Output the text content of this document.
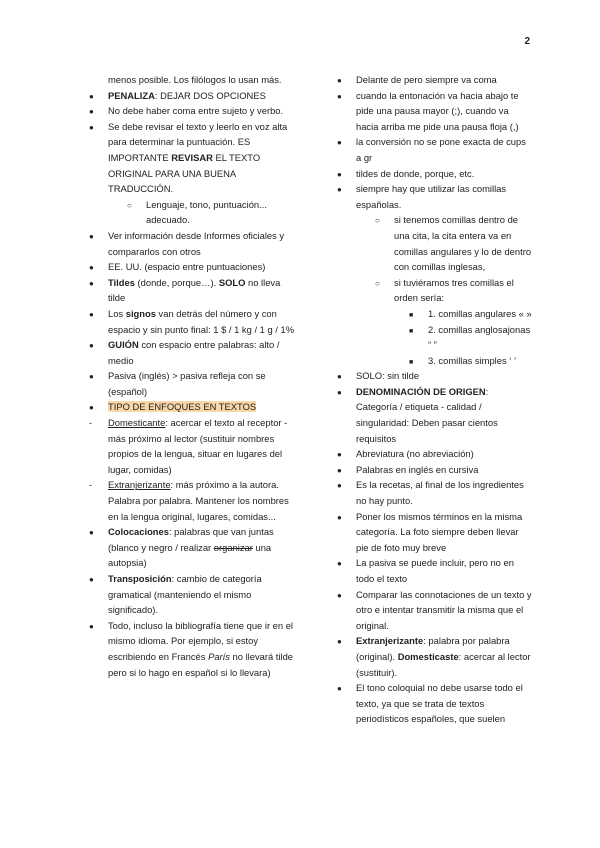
2
menos posible. Los filólogos lo usan más.
●
PENALIZA: DEJAR DOS OPCIONES
●
No debe haber coma entre sujeto y verbo.
●
Se debe revisar el texto y leerlo en voz alta para determinar la puntuación. ES IMPORTANTE REVISAR EL TEXTO ORIGINAL PARA UNA BUENA TRADUCCIÓN.
○
Lenguaje, tono, puntuación... adecuado.
●
Ver información desde Informes oficiales y compararlos con otros
●
EE. UU. (espacio entre puntuaciones)
●
Tildes (donde, porque…). SOLO no lleva tilde
●
Los signos van detrás del número y con espacio y sin punto final: 1 $ / 1 kg / 1 g / 1%
●
GUIÓN con espacio entre palabras: alto / medio
●
Pasiva (inglés) > pasiva refleja con se (español)
●
TIPO DE ENFOQUES EN TEXTOS
-
Domesticante: acercar el texto al receptor - más próximo al lector (sustituir nombres propios de la lengua, situar en lugares del lugar, comidas)
-
Extranjerizante: más próximo a la autora. Palabra por palabra. Mantener los nombres en la lengua original, lugares, comidas...
●
Colocaciones: palabras que van juntas (blanco y negro / realizar organizar una autopsia)
●
Transposición: cambio de categoría gramatical (manteniendo el mismo significado).
●
Todo, incluso la bibliografía tiene que ir en el mismo idioma. Por ejemplo, si estoy escribiendo en Francés París no llevará tilde pero si lo hago en español si lo llevara)
●
Delante de pero siempre va coma
●
cuando la entonación va hacia abajo te pide una pausa mayor (;), cuando va hacia arriba me pide una pausa floja (,)
●
la conversión no se pone exacta de cups a gr
●
tildes de donde, porque, etc.
●
siempre hay que utilizar las comillas españolas.
○
si tenemos comillas dentro de una cita, la cita entera va en comillas angulares y lo de dentro con comillas inglesas,
○
si tuviéramos tres comillas el orden sería:
■
1. comillas angulares « »
■
2. comillas anglosajonas “ ”
■
3. comillas simples ‘ ’
●
SOLO: sin tilde
●
DENOMINACIÓN DE ORIGEN: Categoría / etiqueta - calidad / singularidad: Deben pasar cientos requisitos
●
Abreviatura (no abreviación)
●
Palabras en inglés en cursiva
●
Es la recetas, al final de los ingredientes no hay punto.
●
Poner los mismos términos en la misma categoría. La foto siempre deben llevar pie de foto muy breve
●
La pasiva se puede incluir, pero no en todo el texto
●
Comparar las connotaciones de un texto y otro e intentar transmitir la misma que el original.
●
Extranjerizante: palabra por palabra (original). Domesticaste: acercar al lector (sustituir).
●
El tono coloquial no debe usarse todo el texto, ya que se trata de textos periodísticos españoles, que suelen
